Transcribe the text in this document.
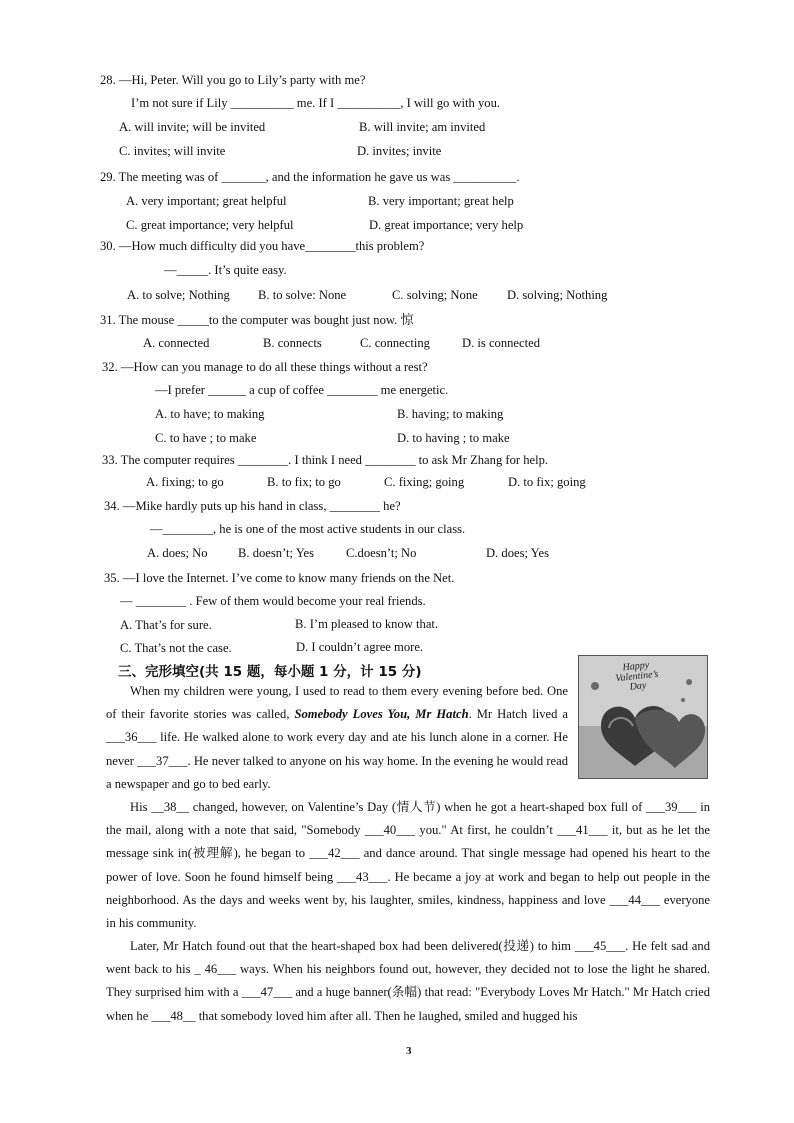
28. —Hi, Peter. Will you go to Lily’s party with me?
I’m not sure if Lily __________ me. If I __________, I will go with you.
A. will invite; will be invited	B. will invite; am invited
C. invites; will invite	D. invites; invite
29. The meeting was of _______, and the information he gave us was __________.
A. very important; great helpful	B. very important; great help
C. great importance; very helpful	D. great importance; very help
30. —How much difficulty did you have________this problem?
—_____. It’s quite easy.
A. to solve; Nothing B. to solve: None	C. solving; None D. solving; Nothing
31. The mouse _____to the computer was bought just now. 惊
A. connected	B. connects	C. connecting	D. is connected
32. —How can you manage to do all these things without a rest?
—I prefer ______ a cup of coffee ________ me energetic.
A. to have; to making	B. having; to making
C. to have ; to make	D. to having ; to make
33. The computer requires ________. I think I need ________ to ask Mr Zhang for help.
A. fixing; to go	B. to fix; to go	C. fixing; going	D. to fix; going
34. —Mike hardly puts up his hand in class, ________ he?
—________, he is one of the most active students in our class.
A. does; No B. doesn’t; Yes	C.doesn’t; No	D. does; Yes
35. —I love the Internet. I’ve come to know many friends on the Net.
— ________ . Few of them would become your real friends.
A. That’s for sure.	B. I’m pleased to know that.
C. That’s not the case.	D. I couldn’t agree more.
三、完形填空(共 15 题，每小题 1 分，计 15 分)	Happy Valentine’s Day
When my children were young, I used to read to them every evening before bed. One of their favorite stories was called, Somebody Loves You, Mr Hatch. Mr Hatch lived a ___36___ life. He walked alone to work every day and ate his lunch alone in a corner. He never ___37___. He never talked to anyone on his way home. In the evening he would read a newspaper and go to bed early.
His __38__ changed, however, on Valentine’s Day (情人节) when he got a heart-shaped box full of ___39___ in the mail, along with a note that said, "Somebody ___40___ you." At first, he couldn’t ___41___ it, but as he let the message sink in(被理解), he began to ___42___ and dance around. That single message had opened his heart to the power of love. Soon he found himself being ___43___. He became a joy at work and began to help out people in the neighborhood. As the days and weeks went by, his laughter, smiles, kindness, happiness and love ___44___ everyone in his community.
Later, Mr Hatch found out that the heart-shaped box had been delivered(投递) to him ___45___. He felt sad and went back to his _ 46___ ways. When his neighbors found out, however, they decided not to lose the light he shared. They surprised him with a ___47___ and a huge banner(条幅) that read: "Everybody Loves Mr Hatch." Mr Hatch cried when he ___48__ that somebody loved him after all. Then he laughed, smiled and hugged his
3
